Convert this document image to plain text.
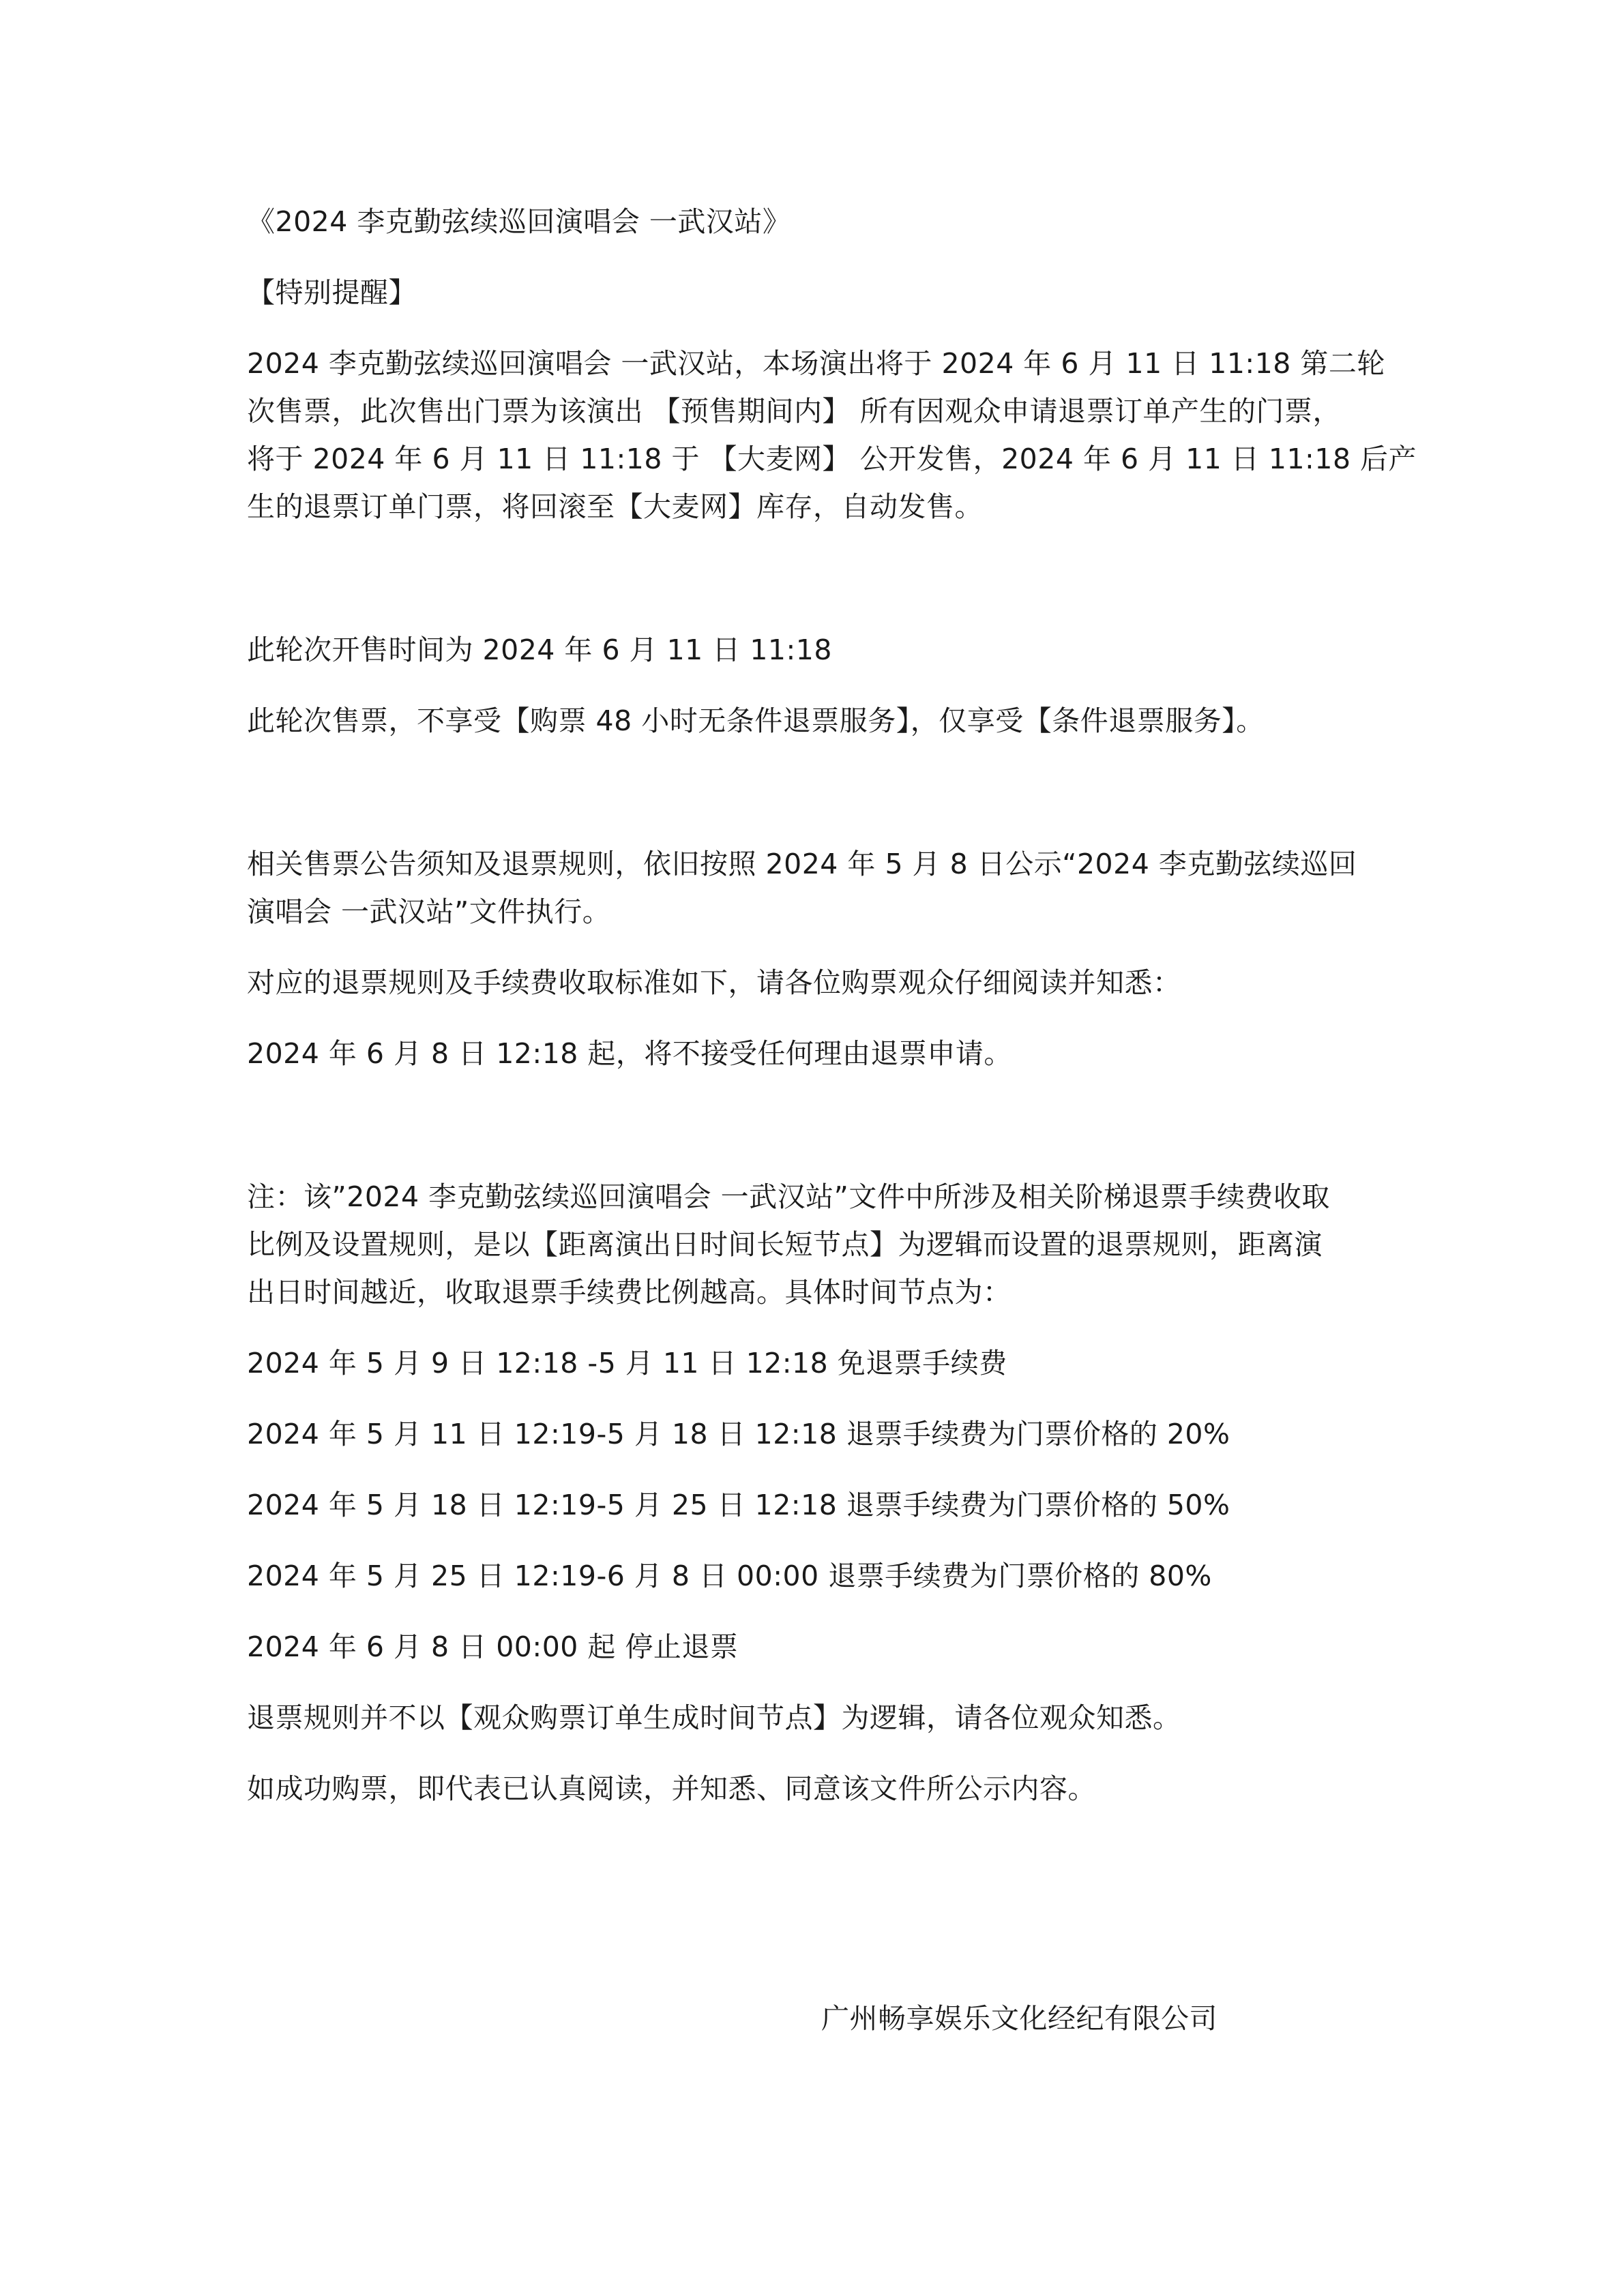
《2024 李克勤弦续巡回演唱会 一武汉站》

【特别提醒】

2024 李克勤弦续巡回演唱会 一武汉站，本场演出将于 2024 年 6 月 11 日 11:18 第二轮
次售票，此次售出门票为该演出 【预售期间内】 所有因观众申请退票订单产生的门票，
将于 2024 年 6 月 11 日 11:18 于 【大麦网】 公开发售，2024 年 6 月 11 日 11:18 后产
生的退票订单门票，将回滚至【大麦网】库存，自动发售。

此轮次开售时间为 2024 年 6 月 11 日 11:18

此轮次售票，不享受【购票 48 小时无条件退票服务】，仅享受【条件退票服务】。

相关售票公告须知及退票规则，依旧按照 2024 年 5 月 8 日公示“2024 李克勤弦续巡回
演唱会 一武汉站”文件执行。

对应的退票规则及手续费收取标准如下，请各位购票观众仔细阅读并知悉：

2024 年 6 月 8 日 12:18 起，将不接受任何理由退票申请。

注：该”2024 李克勤弦续巡回演唱会 一武汉站”文件中所涉及相关阶梯退票手续费收取
比例及设置规则，是以【距离演出日时间长短节点】为逻辑而设置的退票规则，距离演
出日时间越近，收取退票手续费比例越高。具体时间节点为：

2024 年 5 月 9 日 12:18 -5 月 11 日 12:18 免退票手续费

2024 年 5 月 11 日 12:19-5 月 18 日 12:18 退票手续费为门票价格的 20%

2024 年 5 月 18 日 12:19-5 月 25 日 12:18 退票手续费为门票价格的 50%

2024 年 5 月 25 日 12:19-6 月 8 日 00:00 退票手续费为门票价格的 80%

2024 年 6 月 8 日 00:00 起 停止退票

退票规则并不以【观众购票订单生成时间节点】为逻辑，请各位观众知悉。

如成功购票，即代表已认真阅读，并知悉、同意该文件所公示内容。

广州畅享娱乐文化经纪有限公司
